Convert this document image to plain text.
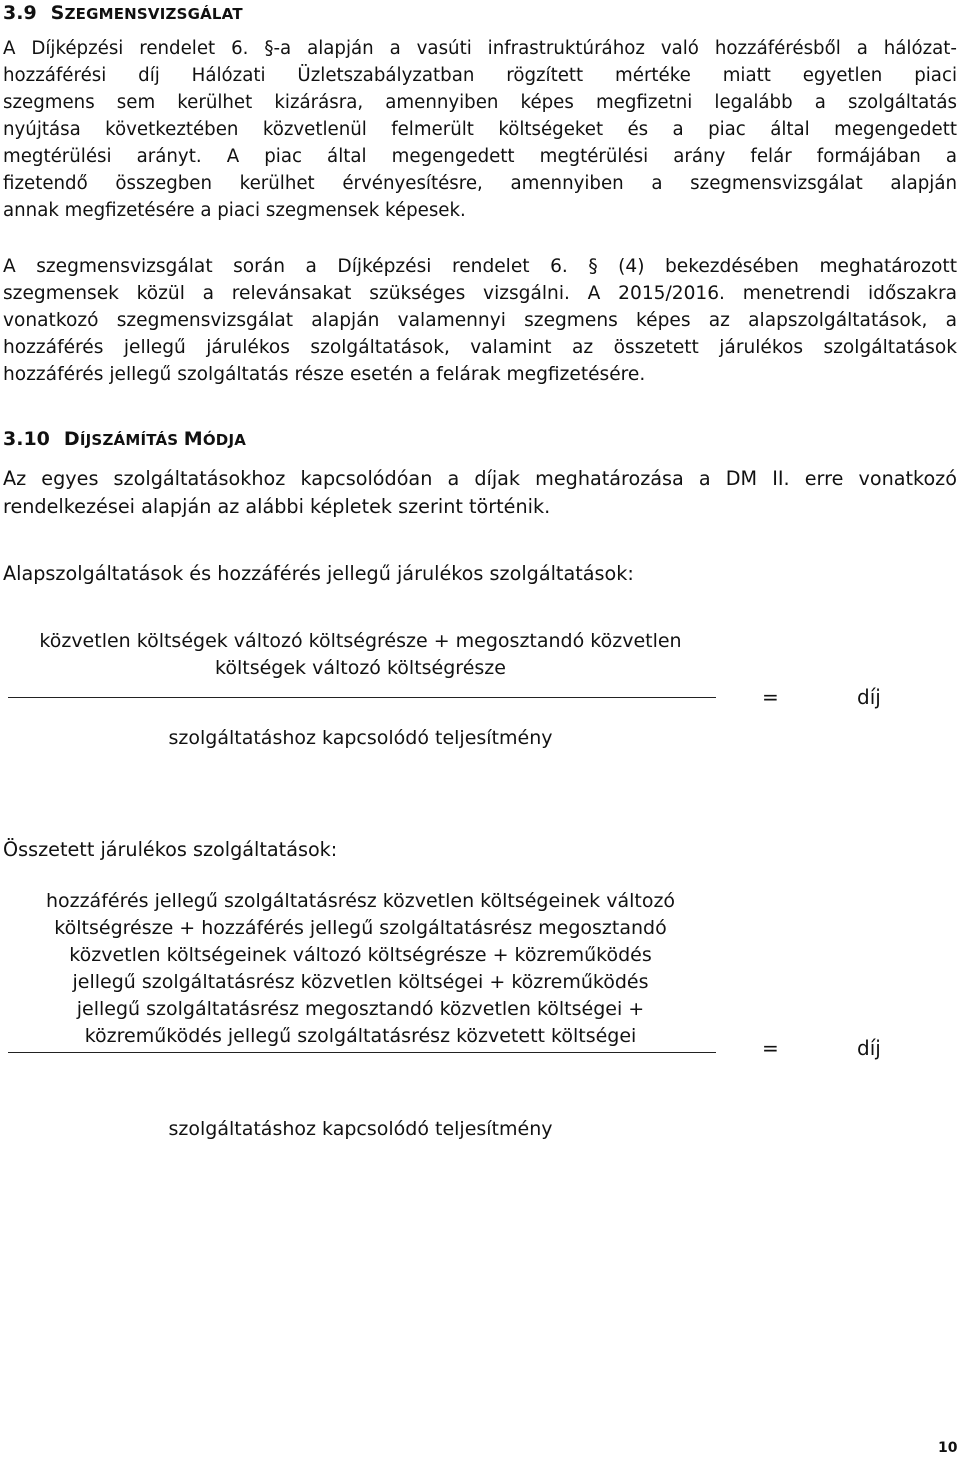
3.9 SZEGMENSVIZSGÁLAT
A Díjképzési rendelet 6. §-a alapján a vasúti infrastruktúrához való hozzáférésből a hálózat-
hozzáférési díj Hálózati Üzletszabályzatban rögzített mértéke miatt egyetlen piaci
szegmens sem kerülhet kizárásra, amennyiben képes megfizetni legalább a szolgáltatás
nyújtása következtében közvetlenül felmerült költségeket és a piac által megengedett
megtérülési arányt. A piac által megengedett megtérülési arány felár formájában a
fizetendő összegben kerülhet érvényesítésre, amennyiben a szegmensvizsgálat alapján
annak megfizetésére a piaci szegmensek képesek.
A szegmensvizsgálat során a Díjképzési rendelet 6. § (4) bekezdésében meghatározott
szegmensek közül a relevánsakat szükséges vizsgálni. A 2015/2016. menetrendi időszakra
vonatkozó szegmensvizsgálat alapján valamennyi szegmens képes az alapszolgáltatások, a
hozzáférés jellegű járulékos szolgáltatások, valamint az összetett járulékos szolgáltatások
hozzáférés jellegű szolgáltatás része esetén a felárak megfizetésére.
3.10 DÍJSZÁMÍTÁS MÓDJA
Az egyes szolgáltatásokhoz kapcsolódóan a díjak meghatározása a DM II. erre vonatkozó
rendelkezései alapján az alábbi képletek szerint történik.
Alapszolgáltatások és hozzáférés jellegű járulékos szolgáltatások:
közvetlen költségek változó költségrésze + megosztandó közvetlen
költségek változó költségrésze
=	díj
szolgáltatáshoz kapcsolódó teljesítmény
Összetett járulékos szolgáltatások:
hozzáférés jellegű szolgáltatásrész közvetlen költségeinek változó
költségrésze + hozzáférés jellegű szolgáltatásrész megosztandó
közvetlen költségeinek változó költségrésze + közreműködés
jellegű szolgáltatásrész közvetlen költségei + közreműködés
jellegű szolgáltatásrész megosztandó közvetlen költségei +
közreműködés jellegű szolgáltatásrész közvetett költségei	=	díj
szolgáltatáshoz kapcsolódó teljesítmény
10
